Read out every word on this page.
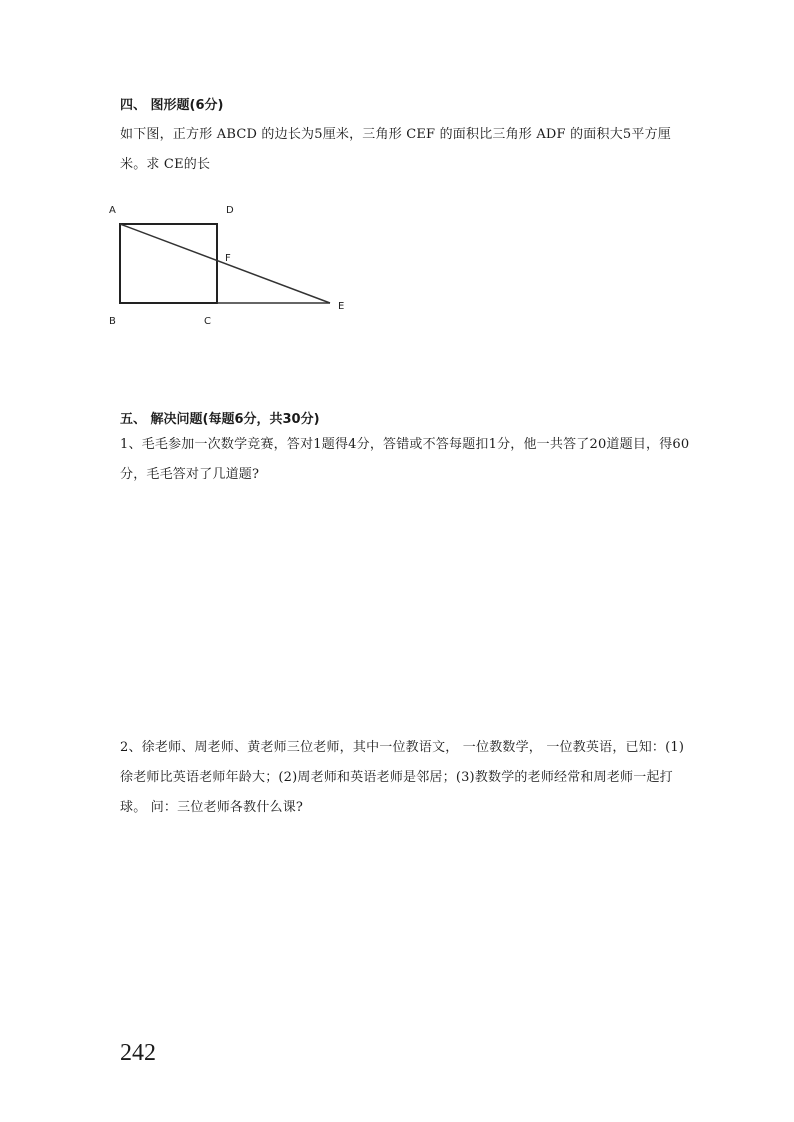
四、 图形题(6分)
如下图，正方形 ABCD 的边长为5厘米，三角形 CEF 的面积比三角形 ADF 的面积大5平方厘米。求 CE的长
A	D
F
B	C
E
五、 解决问题(每题6分，共30分)
1、毛毛参加一次数学竞赛，答对1题得4分，答错或不答每题扣1分，他一共答了20道题目，得60分，毛毛答对了几道题?
2、徐老师、周老师、黄老师三位老师，其中一位教语文， 一位教数学， 一位教英语，已知：(1)徐老师比英语老师年龄大；(2)周老师和英语老师是邻居；(3)教数学的老师经常和周老师一起打球。 问：三位老师各教什么课?
242
